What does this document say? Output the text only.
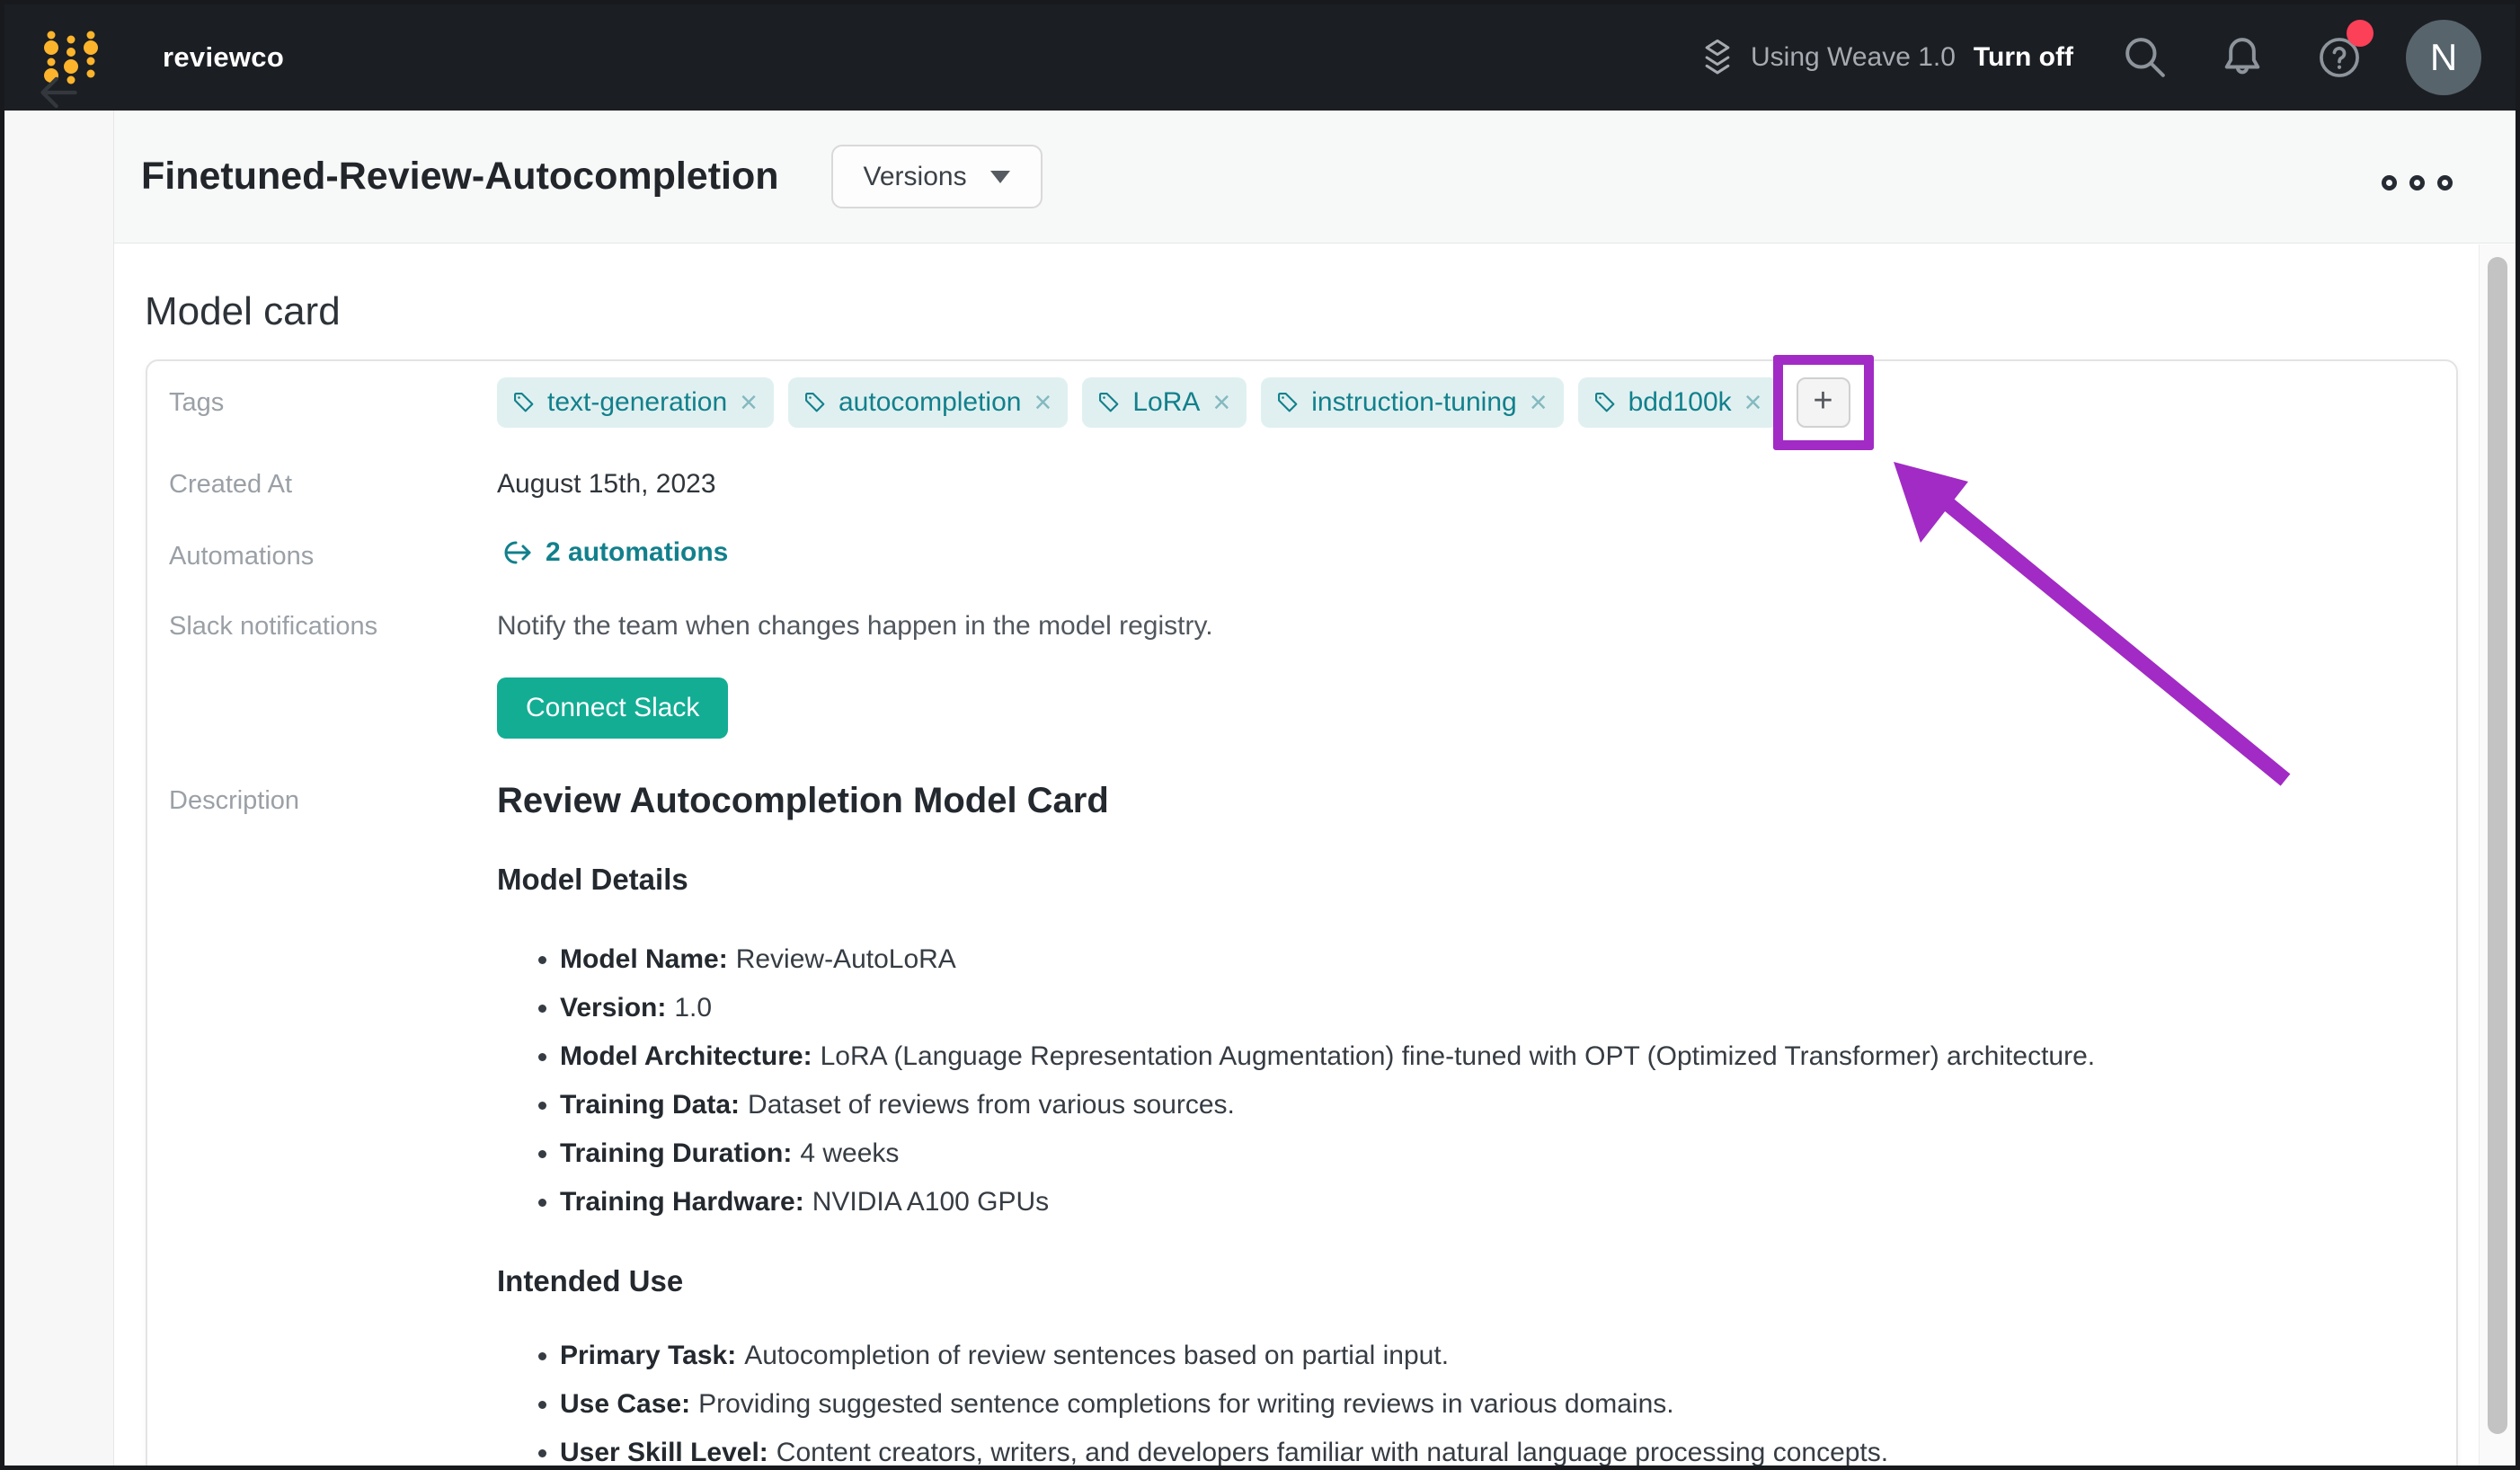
reviewco	Using Weave 1.0 Turn off	N
Finetuned-Review-Autocompletion	Versions
Model card
Tags	text-generation ×	autocompletion ×	LoRA ×	instruction-tuning ×	bdd100k × +
Created At	August 15th, 2023
Automations	2 automations
Slack notifications	Notify the team when changes happen in the model registry.
Connect Slack
Description	Review Autocompletion Model Card
Model Details
• Model Name: Review-AutoLoRA
• Version: 1.0
• Model Architecture: LoRA (Language Representation Augmentation) fine-tuned with OPT (Optimized Transformer) architecture.
• Training Data: Dataset of reviews from various sources.
• Training Duration: 4 weeks
• Training Hardware: NVIDIA A100 GPUs
Intended Use
• Primary Task: Autocompletion of review sentences based on partial input.
• Use Case: Providing suggested sentence completions for writing reviews in various domains.
• User Skill Level: Content creators, writers, and developers familiar with natural language processing concepts.
